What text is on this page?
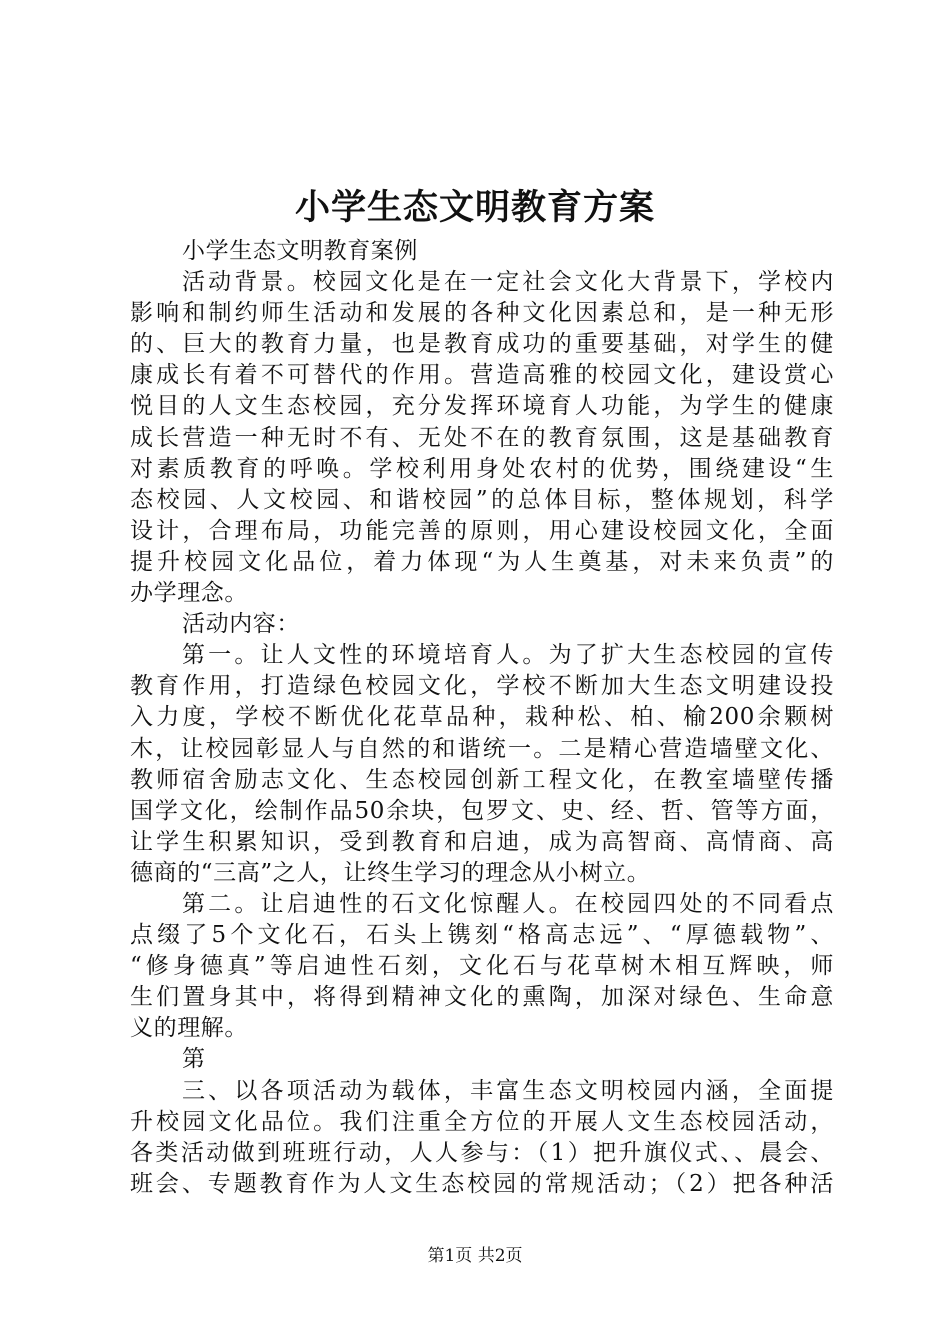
小学生态文明教育方案

小学生态文明教育案例

活动背景。校园文化是在一定社会文化大背景下，学校内

影响和制约师生活动和发展的各种文化因素总和，是一种无形

的、巨大的教育力量，也是教育成功的重要基础，对学生的健

康成长有着不可替代的作用。营造高雅的校园文化，建设赏心

悦目的人文生态校园，充分发挥环境育人功能，为学生的健康

成长营造一种无时不有、无处不在的教育氛围，这是基础教育

对素质教育的呼唤。学校利用身处农村的优势，围绕建设“生

态校园、人文校园、和谐校园”的总体目标，整体规划，科学

设计，合理布局，功能完善的原则，用心建设校园文化，全面

提升校园文化品位，着力体现“为人生奠基，对未来负责”的

办学理念。

活动内容：

第一。让人文性的环境培育人。为了扩大生态校园的宣传

教育作用，打造绿色校园文化，学校不断加大生态文明建设投

入力度，学校不断优化花草品种，栽种松、柏、榆200余颗树

木，让校园彰显人与自然的和谐统一。二是精心营造墙壁文化、

教师宿舍励志文化、生态校园创新工程文化，在教室墙壁传播

国学文化，绘制作品50余块，包罗文、史、经、哲、管等方面，

让学生积累知识，受到教育和启迪，成为高智商、高情商、高

德商的“三高”之人，让终生学习的理念从小树立。

第二。让启迪性的石文化惊醒人。在校园四处的不同看点

点缀了5个文化石，石头上镌刻“格高志远”、“厚德载物”、

“修身德真”等启迪性石刻，文化石与花草树木相互辉映，师

生们置身其中，将得到精神文化的熏陶，加深对绿色、生命意

义的理解。

第

三、以各项活动为载体，丰富生态文明校园内涵，全面提

升校园文化品位。我们注重全方位的开展人文生态校园活动，

各类活动做到班班行动，人人参与：（1）把升旗仪式、、晨会、

班会、专题教育作为人文生态校园的常规活动；（2）把各种活

第1页 共2页
